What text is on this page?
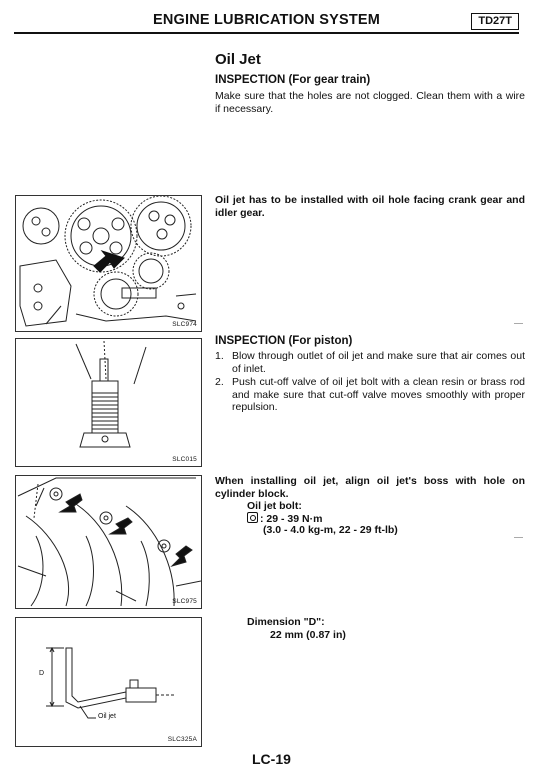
ENGINE LUBRICATION SYSTEM	TD27T
Oil Jet
INSPECTION (For gear train)
Make sure that the holes are not clogged. Clean them with a wire if necessary.
Oil jet has to be installed with oil hole facing crank gear and idler gear.
INSPECTION (For piston)
1. Blow through outlet of oil jet and make sure that air comes out of inlet.
2. Push cut-off valve of oil jet bolt with a clean resin or brass rod and make sure that cut-off valve moves smoothly with proper repulsion.
When installing oil jet, align oil jet's boss with hole on cylinder block.
Oil jet bolt:
: 29 - 39 N·m
(3.0 - 4.0 kg-m, 22 - 29 ft-lb)
Dimension "D":
22 mm (0.87 in)
SLC974
SLC015
SLC975
D
Oil jet
SLC325A
LC-19
